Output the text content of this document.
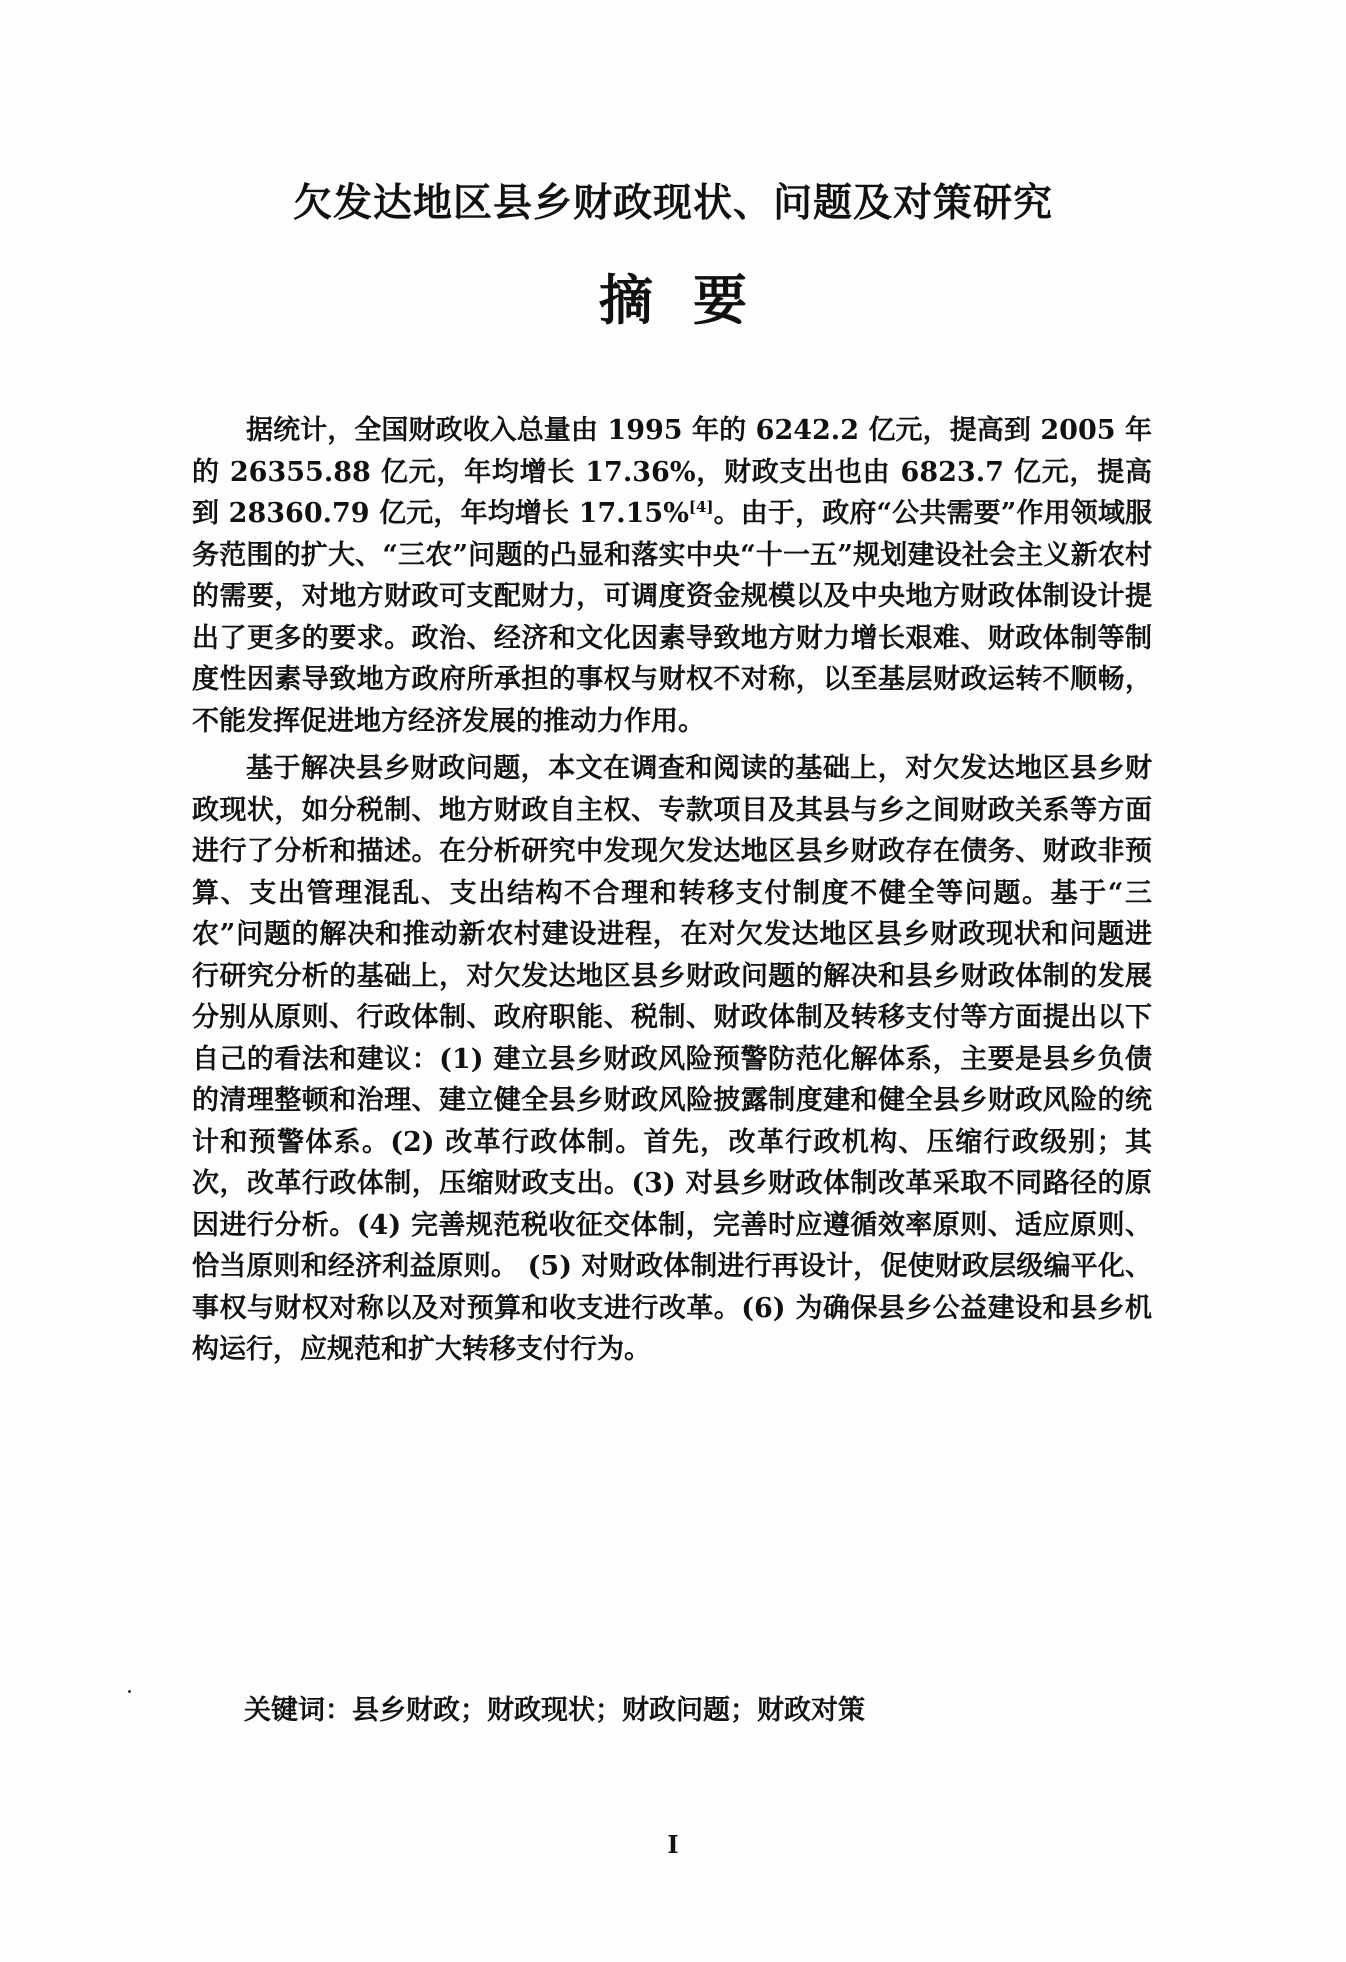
欠发达地区县乡财政现状、问题及对策研究
摘要

据统计，全国财政收入总量由 1995 年的 6242.2 亿元，提高到 2005 年的 26355.88 亿元，年均增长 17.36%，财政支出也由 6823.7 亿元，提高到 28360.79 亿元，年均增长 17.15%[4]。由于，政府“公共需要”作用领域服务范围的扩大、“三农”问题的凸显和落实中央“十一五”规划建设社会主义新农村的需要，对地方财政可支配财力，可调度资金规模以及中央地方财政体制设计提出了更多的要求。政治、经济和文化因素导致地方财力增长艰难、财政体制等制度性因素导致地方政府所承担的事权与财权不对称，以至基层财政运转不顺畅，不能发挥促进地方经济发展的推动力作用。

基于解决县乡财政问题，本文在调查和阅读的基础上，对欠发达地区县乡财政现状，如分税制、地方财政自主权、专款项目及其县与乡之间财政关系等方面进行了分析和描述。在分析研究中发现欠发达地区县乡财政存在债务、财政非预算、支出管理混乱、支出结构不合理和转移支付制度不健全等问题。基于“三农”问题的解决和推动新农村建设进程，在对欠发达地区县乡财政现状和问题进行研究分析的基础上，对欠发达地区县乡财政问题的解决和县乡财政体制的发展分别从原则、行政体制、政府职能、税制、财政体制及转移支付等方面提出以下自己的看法和建议：(1) 建立县乡财政风险预警防范化解体系，主要是县乡负债的清理整顿和治理、建立健全县乡财政风险披露制度建和健全县乡财政风险的统计和预警体系。(2) 改革行政体制。首先，改革行政机构、压缩行政级别；其次，改革行政体制，压缩财政支出。(3) 对县乡财政体制改革采取不同路径的原因进行分析。(4) 完善规范税收征交体制，完善时应遵循效率原则、适应原则、恰当原则和经济利益原则。 (5) 对财政体制进行再设计，促使财政层级编平化、事权与财权对称以及对预算和收支进行改革。(6) 为确保县乡公益建设和县乡机构运行，应规范和扩大转移支付行为。

关键词：县乡财政；财政现状；财政问题；财政对策
I
